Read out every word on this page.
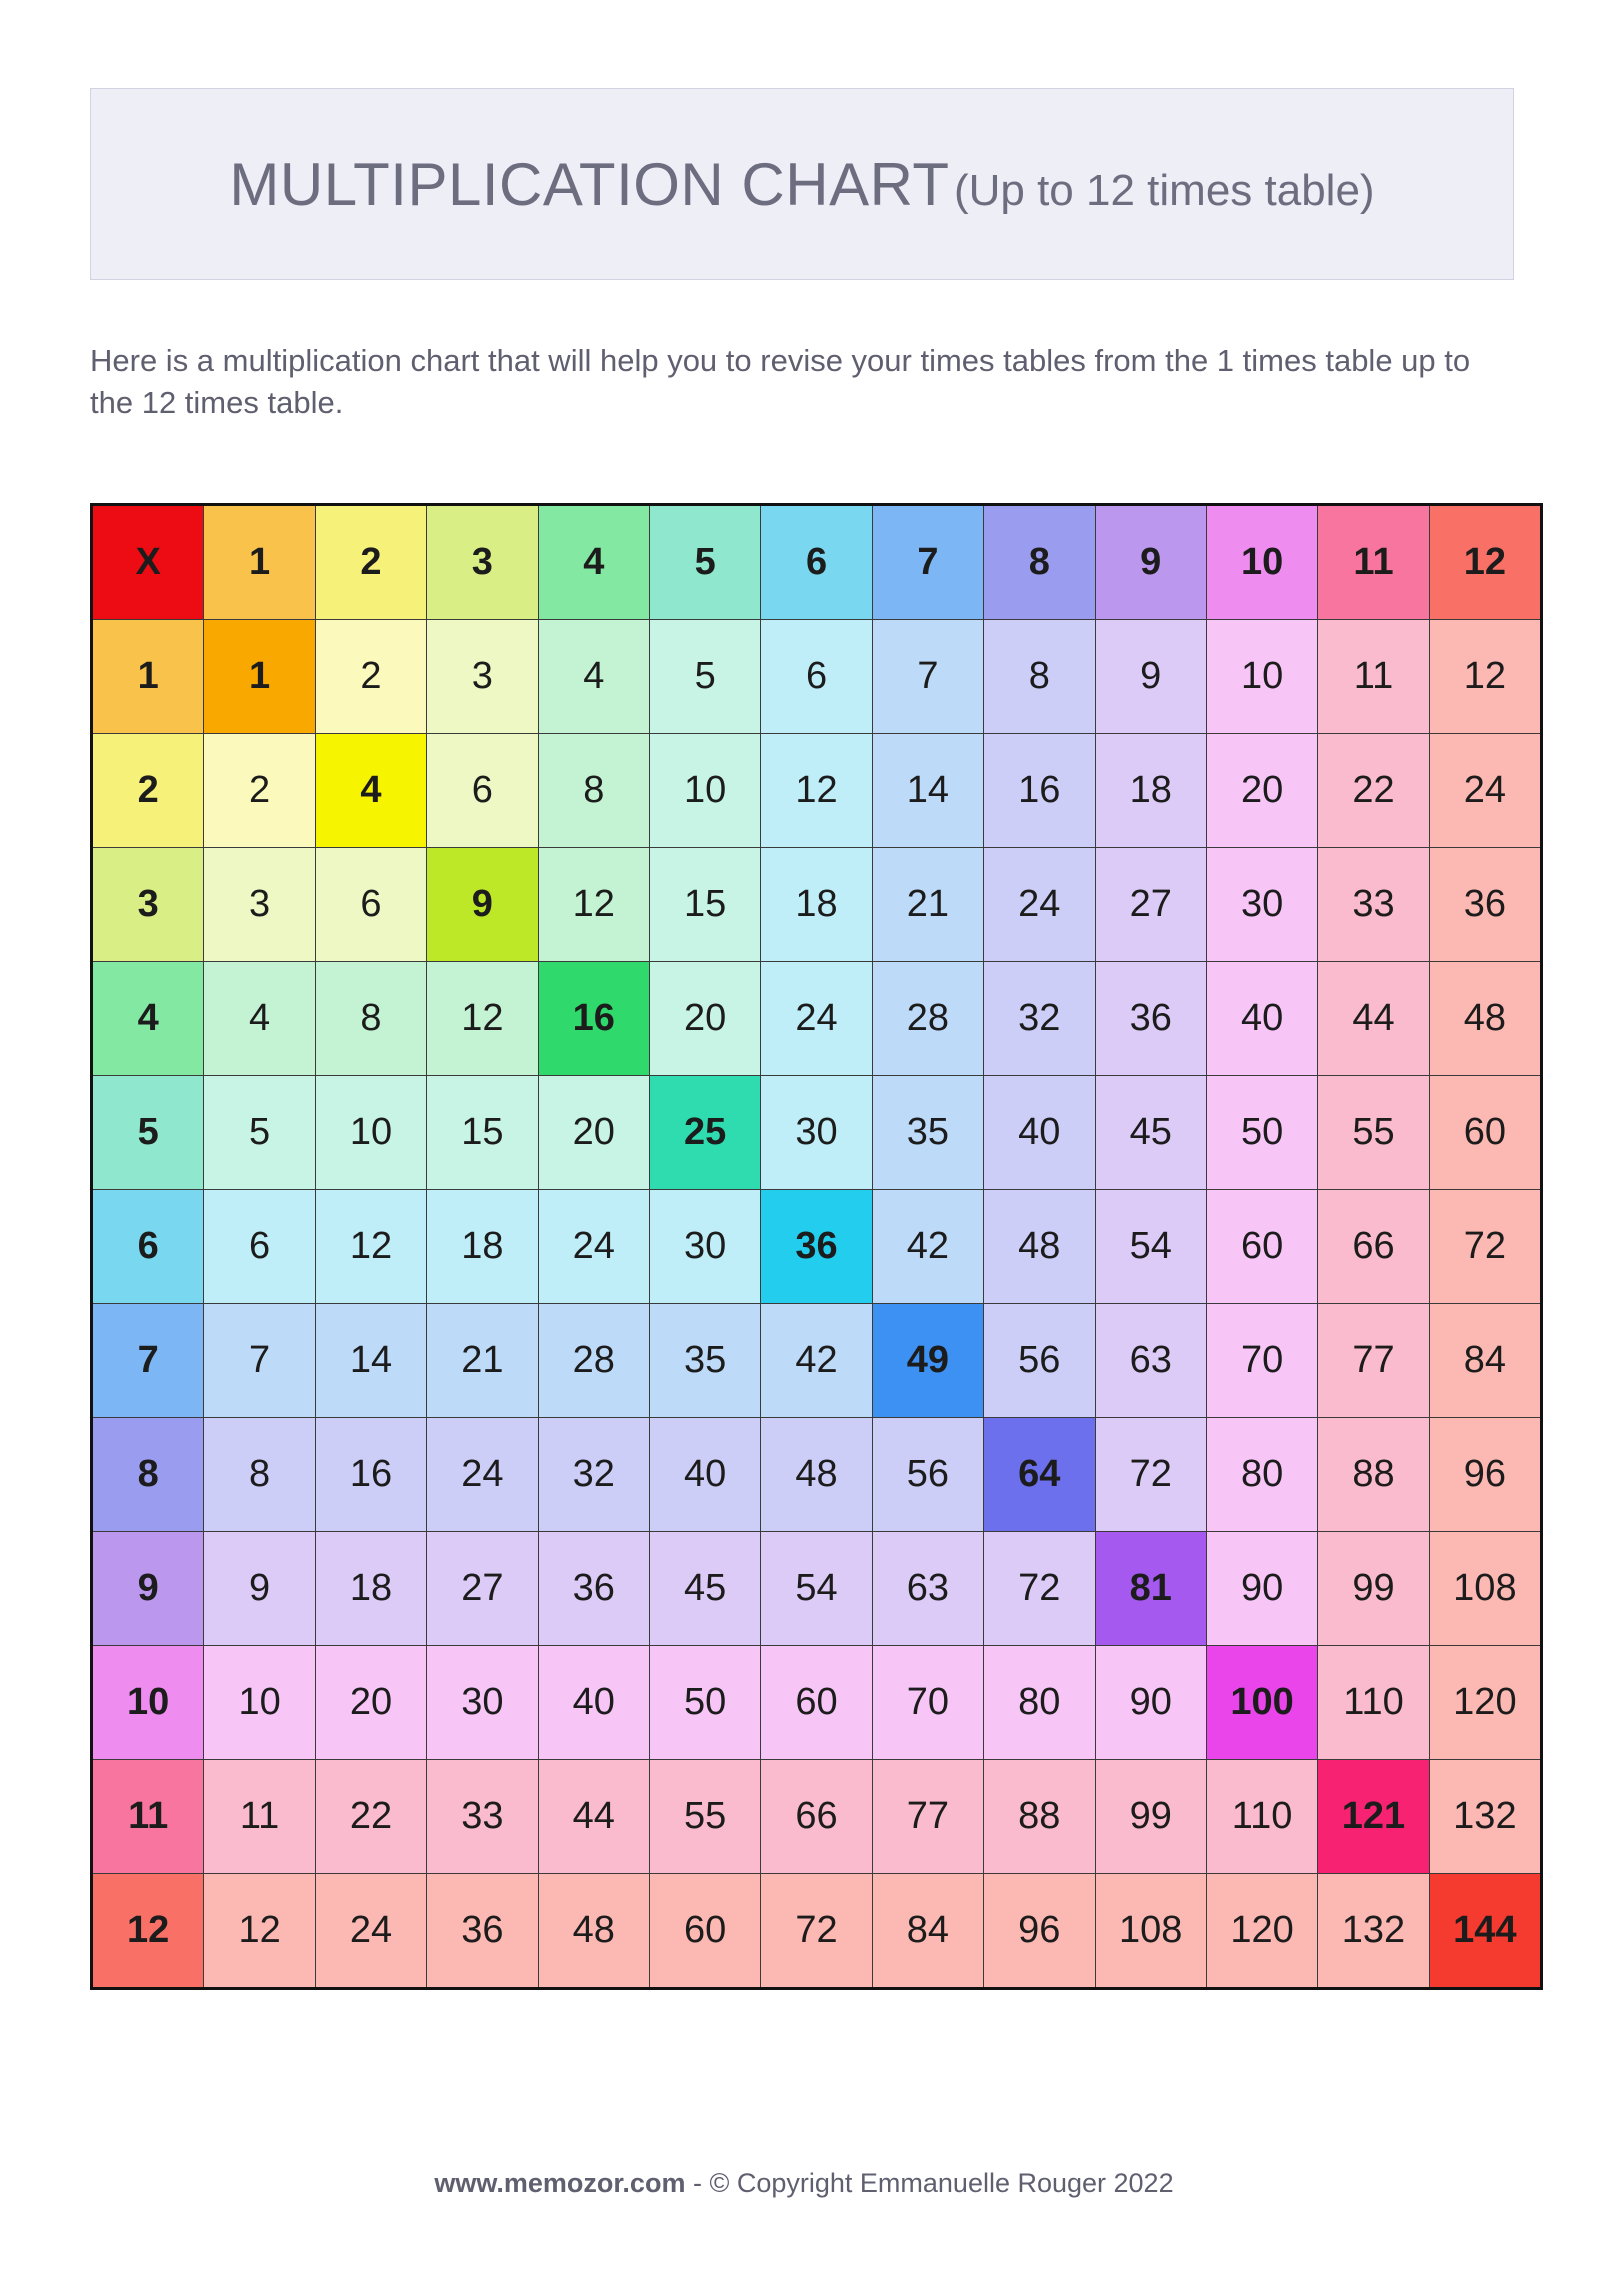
MULTIPLICATION CHART (Up to 12 times table)
Here is a multiplication chart that will help you to revise your times tables from the 1 times table up to the 12 times table.
X	1	2	3	4	5	6	7	8	9	10	11	12
1	1	2	3	4	5	6	7	8	9	10	11	12
2	2	4	6	8	10	12	14	16	18	20	22	24
3	3	6	9	12	15	18	21	24	27	30	33	36
4	4	8	12	16	20	24	28	32	36	40	44	48
5	5	10	15	20	25	30	35	40	45	50	55	60
6	6	12	18	24	30	36	42	48	54	60	66	72
7	7	14	21	28	35	42	49	56	63	70	77	84
8	8	16	24	32	40	48	56	64	72	80	88	96
9	9	18	27	36	45	54	63	72	81	90	99	108
10	10	20	30	40	50	60	70	80	90	100	110	120
11	11	22	33	44	55	66	77	88	99	110	121	132
12	12	24	36	48	60	72	84	96	108	120	132	144
www.memozor.com - © Copyright Emmanuelle Rouger 2022
